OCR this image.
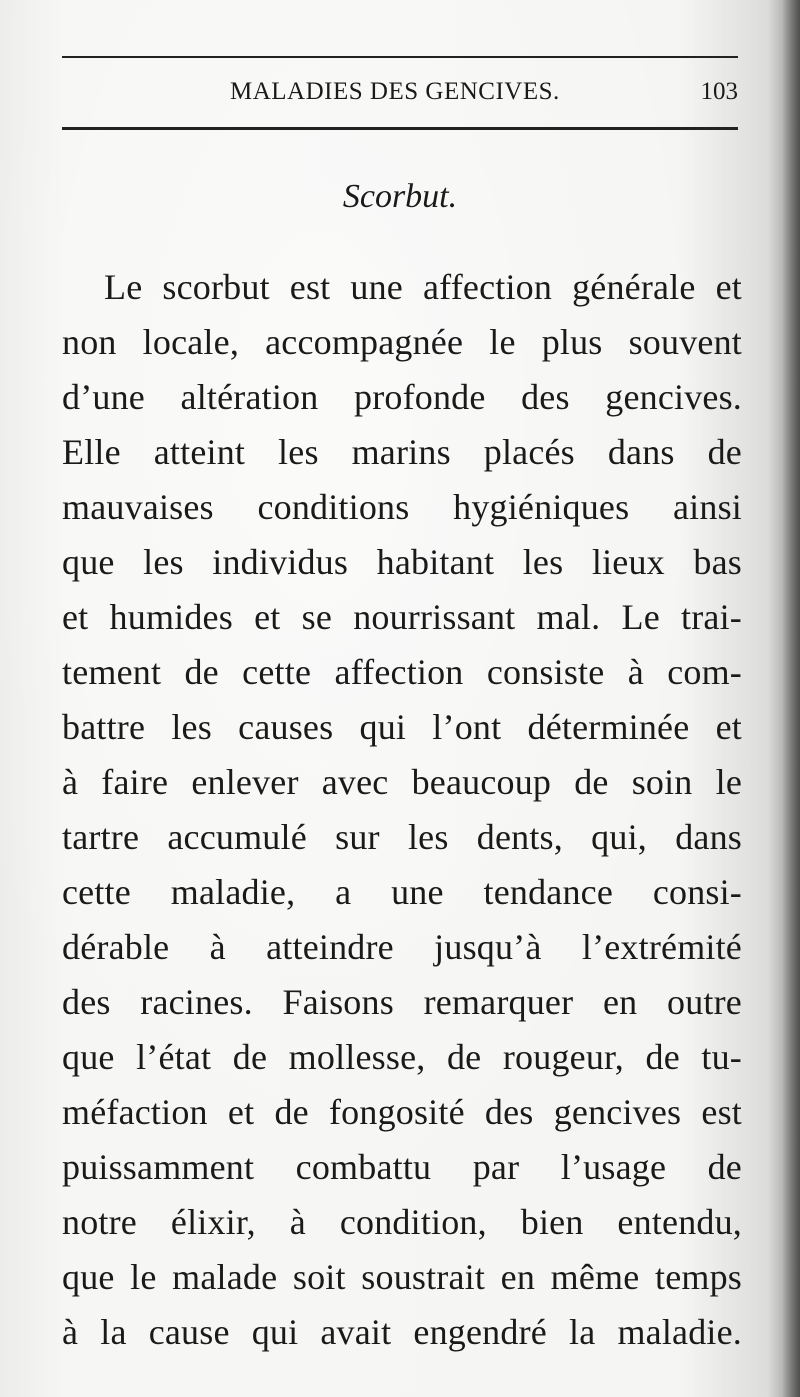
MALADIES DES GENCIVES.	103
Scorbut.
Le scorbut est une affection générale et
non locale, accompagnée le plus souvent
d’une altération profonde des gencives.
Elle atteint les marins placés dans de
mauvaises conditions hygiéniques ainsi
que les individus habitant les lieux bas
et humides et se nourrissant mal. Le trai-
tement de cette affection consiste à com-
battre les causes qui l’ont déterminée et
à faire enlever avec beaucoup de soin le
tartre accumulé sur les dents, qui, dans
cette maladie, a une tendance consi-
dérable à atteindre jusqu’à l’extrémité
des racines. Faisons remarquer en outre
que l’état de mollesse, de rougeur, de tu-
méfaction et de fongosité des gencives est
puissamment combattu par l’usage de
notre élixir, à condition, bien entendu,
que le malade soit soustrait en même temps
à la cause qui avait engendré la maladie.
